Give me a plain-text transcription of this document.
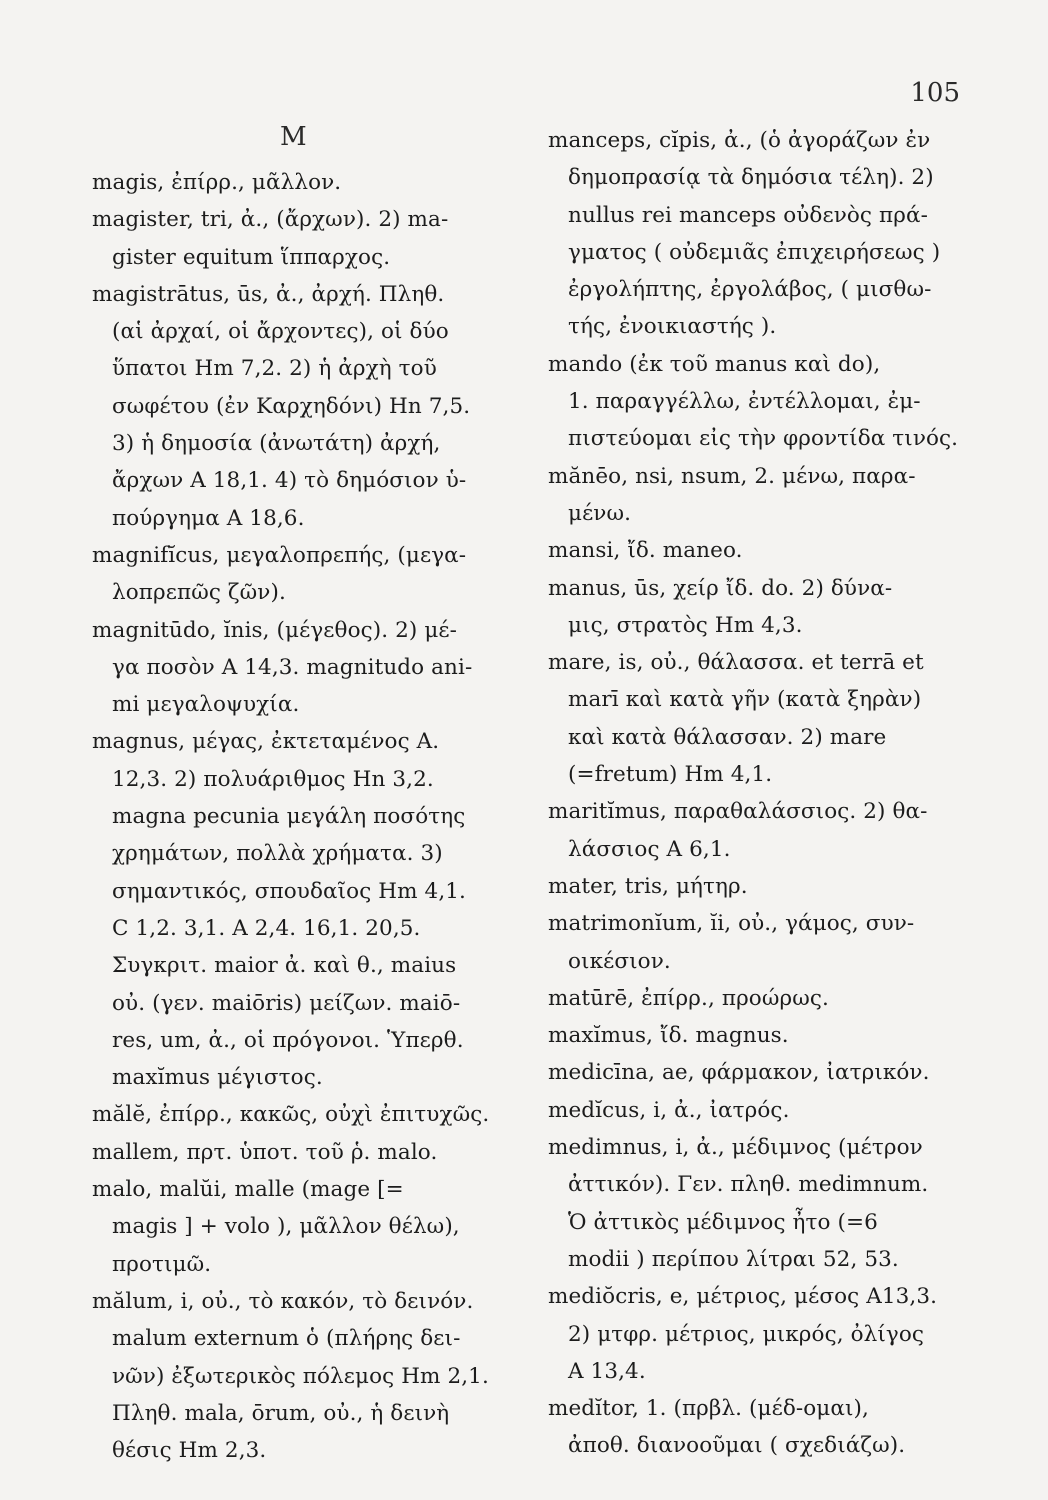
105
M
magis, ἐπίρρ., μᾶλλον.
magister, tri, ἀ., (ἄρχων). 2) ma-
gister equitum ἵππαρχος.
magistrātus, ūs, ἀ., ἀρχή. Πληθ.
(αἱ ἀρχαί, οἱ ἄρχοντες), οἱ δύο
ὕπατοι Hm 7,2. 2) ἡ ἀρχὴ τοῦ
σωφέτου (ἐν Καρχηδόνι) Hn 7,5.
3) ἡ δημοσία (ἀνωτάτη) ἀρχή,
ἄρχων A 18,1. 4) τὸ δημόσιον ὑ-
πούργημα A 18,6.
magnifĭcus, μεγαλοπρεπής, (μεγα-
λοπρεπῶς ζῶν).
magnitūdo, ĭnis, (μέγεθος). 2) μέ-
γα ποσὸν A 14,3. magnitudo ani-
mi μεγαλοψυχία.
magnus, μέγας, ἐκτεταμένος A.
12,3. 2) πολυάριθμος Hn 3,2.
magna pecunia μεγάλη ποσότης
χρημάτων, πολλὰ χρήματα. 3)
σημαντικός, σπουδαῖος Hm 4,1.
C 1,2. 3,1. A 2,4. 16,1. 20,5.
Συγκριτ. maior ἀ. καὶ θ., maius
οὐ. (γεν. maiōris) μείζων. maiō-
res, um, ἀ., οἱ πρόγονοι. Ὑπερθ.
maxĭmus μέγιστος.
mălĕ, ἐπίρρ., κακῶς, οὐχὶ ἐπιτυχῶς.
mallem, πρτ. ὑποτ. τοῦ ῥ. malo.
malo, malŭi, malle (mage [=
magis ] + volo ), μᾶλλον θέλω),
προτιμῶ.
mălum, i, οὐ., τὸ κακόν, τὸ δεινόν.
malum externum ὁ (πλήρης δει-
νῶν) ἐξωτερικὸς πόλεμος Hm 2,1.
Πληθ. mala, ōrum, οὐ., ἡ δεινὴ
θέσις Hm 2,3.
manceps, cĭpis, ἀ., (ὁ ἀγοράζων ἐν
δημοπρασίᾳ τὰ δημόσια τέλη). 2)
nullus rei manceps οὐδενὸς πρά-
γματος ( οὐδεμιᾶς ἐπιχειρήσεως )
ἐργολήπτης, ἐργολάβος, ( μισθω-
τής, ἐνοικιαστής ).
mando (ἐκ τοῦ manus καὶ do),
1. παραγγέλλω, ἐντέλλομαι, ἐμ-
πιστεύομαι εἰς τὴν φροντίδα τινός.
mănēo, nsi, nsum, 2. μένω, παρα-
μένω.
mansi, ἴδ. maneo.
manus, ūs, χείρ ἴδ. do. 2) δύνα-
μις, στρατὸς Hm 4,3.
mare, is, οὐ., θάλασσα. et terrā et
marī καὶ κατὰ γῆν (κατὰ ξηρὰν)
καὶ κατὰ θάλασσαν. 2) mare
(=fretum) Hm 4,1.
maritĭmus, παραθαλάσσιος. 2) θα-
λάσσιος A 6,1.
mater, tris, μήτηρ.
matrimonĭum, ĭi, οὐ., γάμος, συν-
οικέσιον.
matūrē, ἐπίρρ., προώρως.
maxĭmus, ἴδ. magnus.
medicīna, ae, φάρμακον, ἰατρικόν.
medĭcus, i, ἀ., ἰατρός.
medimnus, i, ἀ., μέδιμνος (μέτρον
ἀττικόν). Γεν. πληθ. medimnum.
Ὁ ἀττικὸς μέδιμνος ἦτο (=6
modii ) περίπου λίτραι 52, 53.
mediŏcris, e, μέτριος, μέσος A13,3.
2) μτφρ. μέτριος, μικρός, ὀλίγος
A 13,4.
medĭtor, 1. (πρβλ. (μέδ-ομαι),
ἀποθ. διανοοῦμαι ( σχεδιάζω).
